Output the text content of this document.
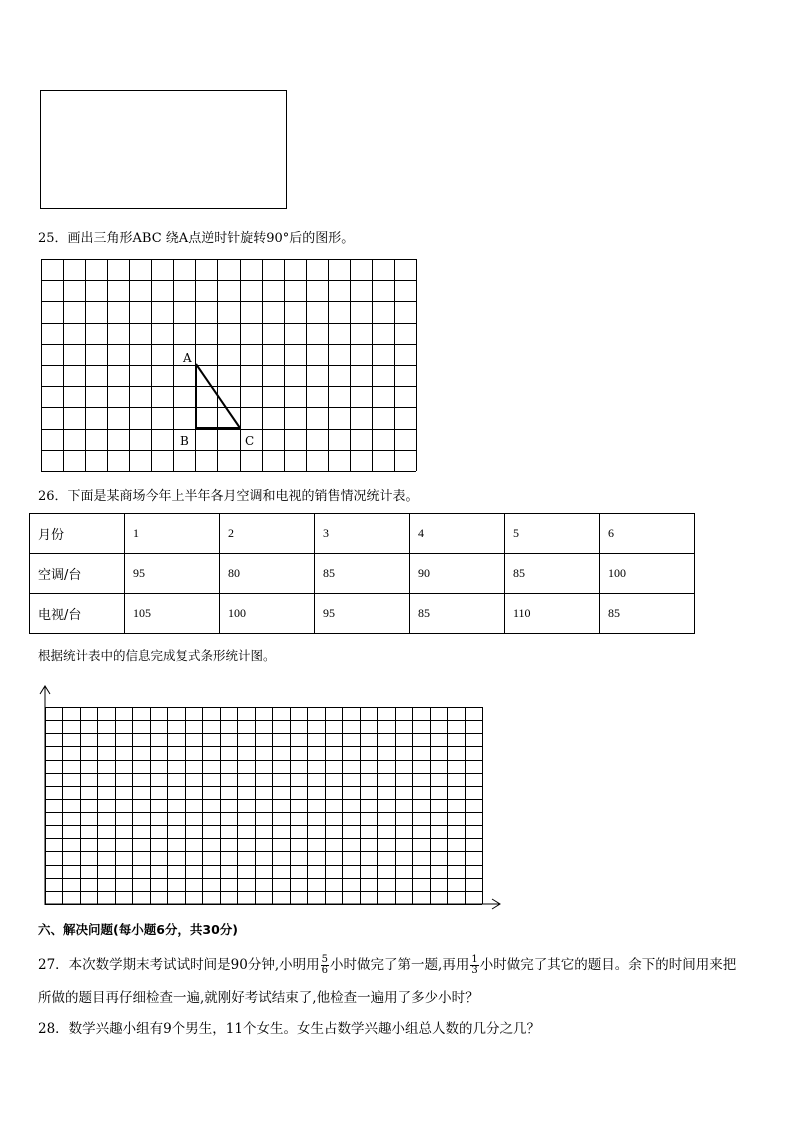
25．画出三角形ABC 绕A点逆时针旋转90°后的图形。
A
B	C
26．下面是某商场今年上半年各月空调和电视的销售情况统计表。
月份	1	2	3	4	5	6
空调/台	95	80	85	90	85	100
电视/台	105	100	95	85	110	85
根据统计表中的信息完成复式条形统计图。
六、解决问题(每小题6分，共30分)
27．本次数学期末考试试时间是90分钟,小明用 $\frac{5}{6}$ 小时做完了第一题,再用 $\frac{1}{3}$ 小时做完了其它的题目。余下的时间用来把
所做的题目再仔细检查一遍,就刚好考试结束了,他检查一遍用了多少小时？
28．数学兴趣小组有9个男生，11个女生。女生占数学兴趣小组总人数的几分之几？
